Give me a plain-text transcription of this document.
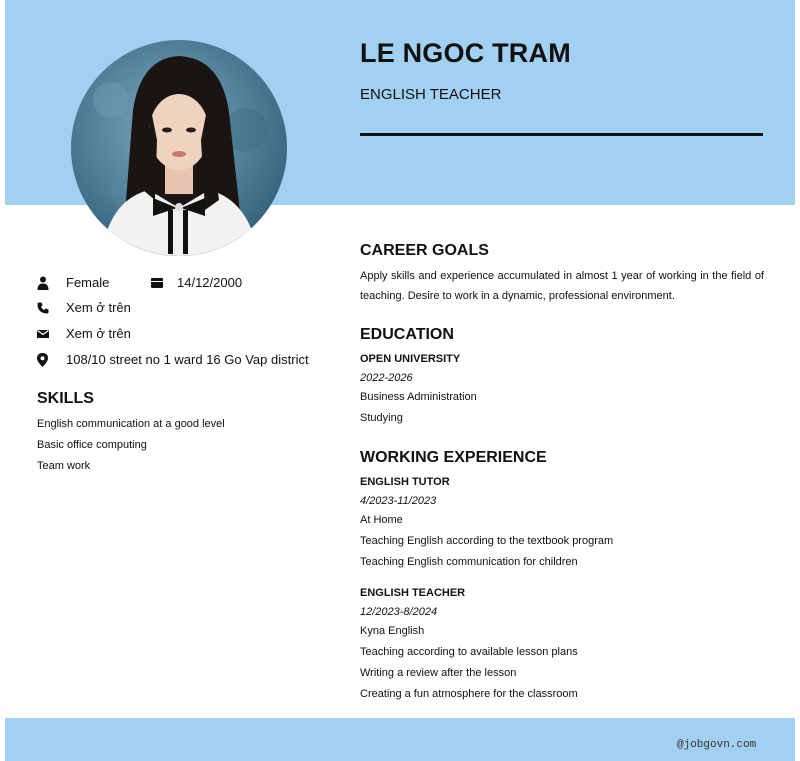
LE NGOC TRAM
ENGLISH TEACHER
Female	14/12/2000
Xem ở trên
Xem ở trên
108/10 street no 1 ward 16 Go Vap district
SKILLS
English communication at a good level
Basic office computing
Team work
CAREER GOALS
Apply skills and experience accumulated in almost 1 year of working in the field of teaching. Desire to work in a dynamic, professional environment.
EDUCATION
OPEN UNIVERSITY
2022-2026
Business Administration
Studying
WORKING EXPERIENCE
ENGLISH TUTOR
4/2023-11/2023
At Home
Teaching English according to the textbook program
Teaching English communication for children
ENGLISH TEACHER
12/2023-8/2024
Kyna English
Teaching according to available lesson plans
Writing a review after the lesson
Creating a fun atmosphere for the classroom
@jobgovn.com
